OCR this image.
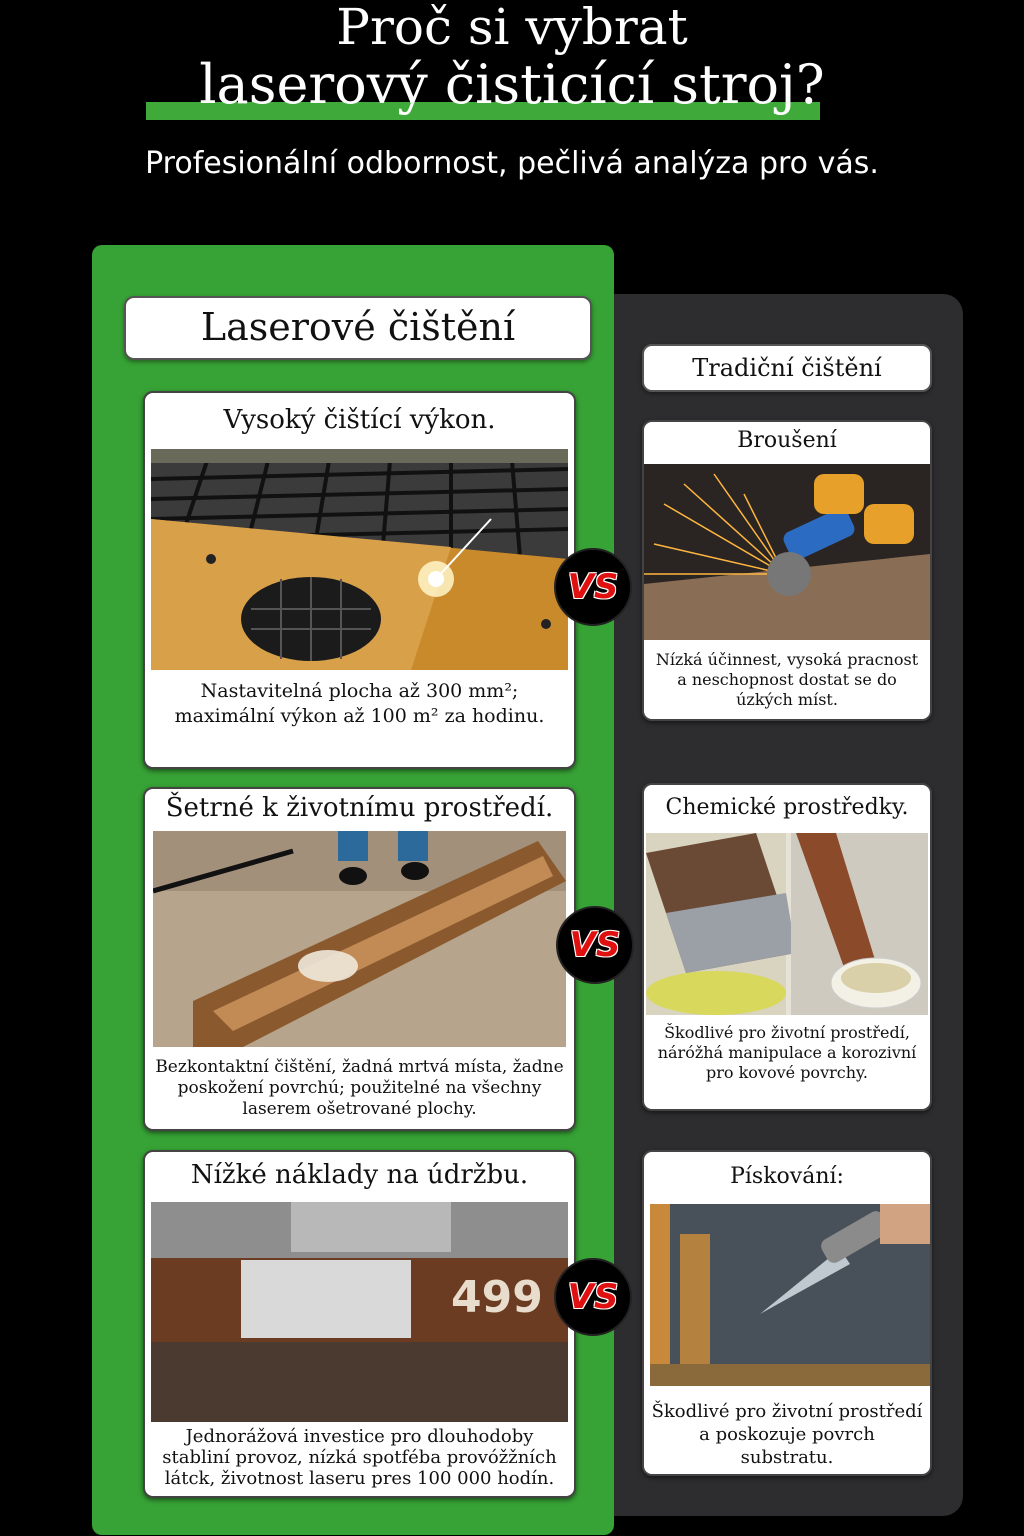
Proč si vybrat
laserový čisticící stroj?
Profesionální odbornost, pečlivá analýza pro vás.
Laserové čištění
Tradiční čištění
Vysoký čištící výkon.
Nastavitelná plocha až 300 mm²; maximální výkon až 100 m² za hodinu.
Šetrné k životnímu prostředí.
Bezkontaktní čištění, žadná mrtvá místa, žadne poskožení povrchú; použitelné na všechny laserem ošetrované plochy.
Nížké náklady na údržbu.
499
Jednorážová investice pro dlouhodoby stabliní provoz, nízká spotféba provóžžních látck, životnost laseru pres 100 000 hodín.
Broušení
Nízká účinnest, vysoká pracnost a neschopnost dostat se do úzkých míst.
Chemické prostředky.
Škodlivé pro životní prostředí, náróžhá manipulace a korozivní pro kovové povrchy.
Pískování:
Škodlivé pro životní prostředí a poskozuje povrch substratu.
VS
VS
VS
